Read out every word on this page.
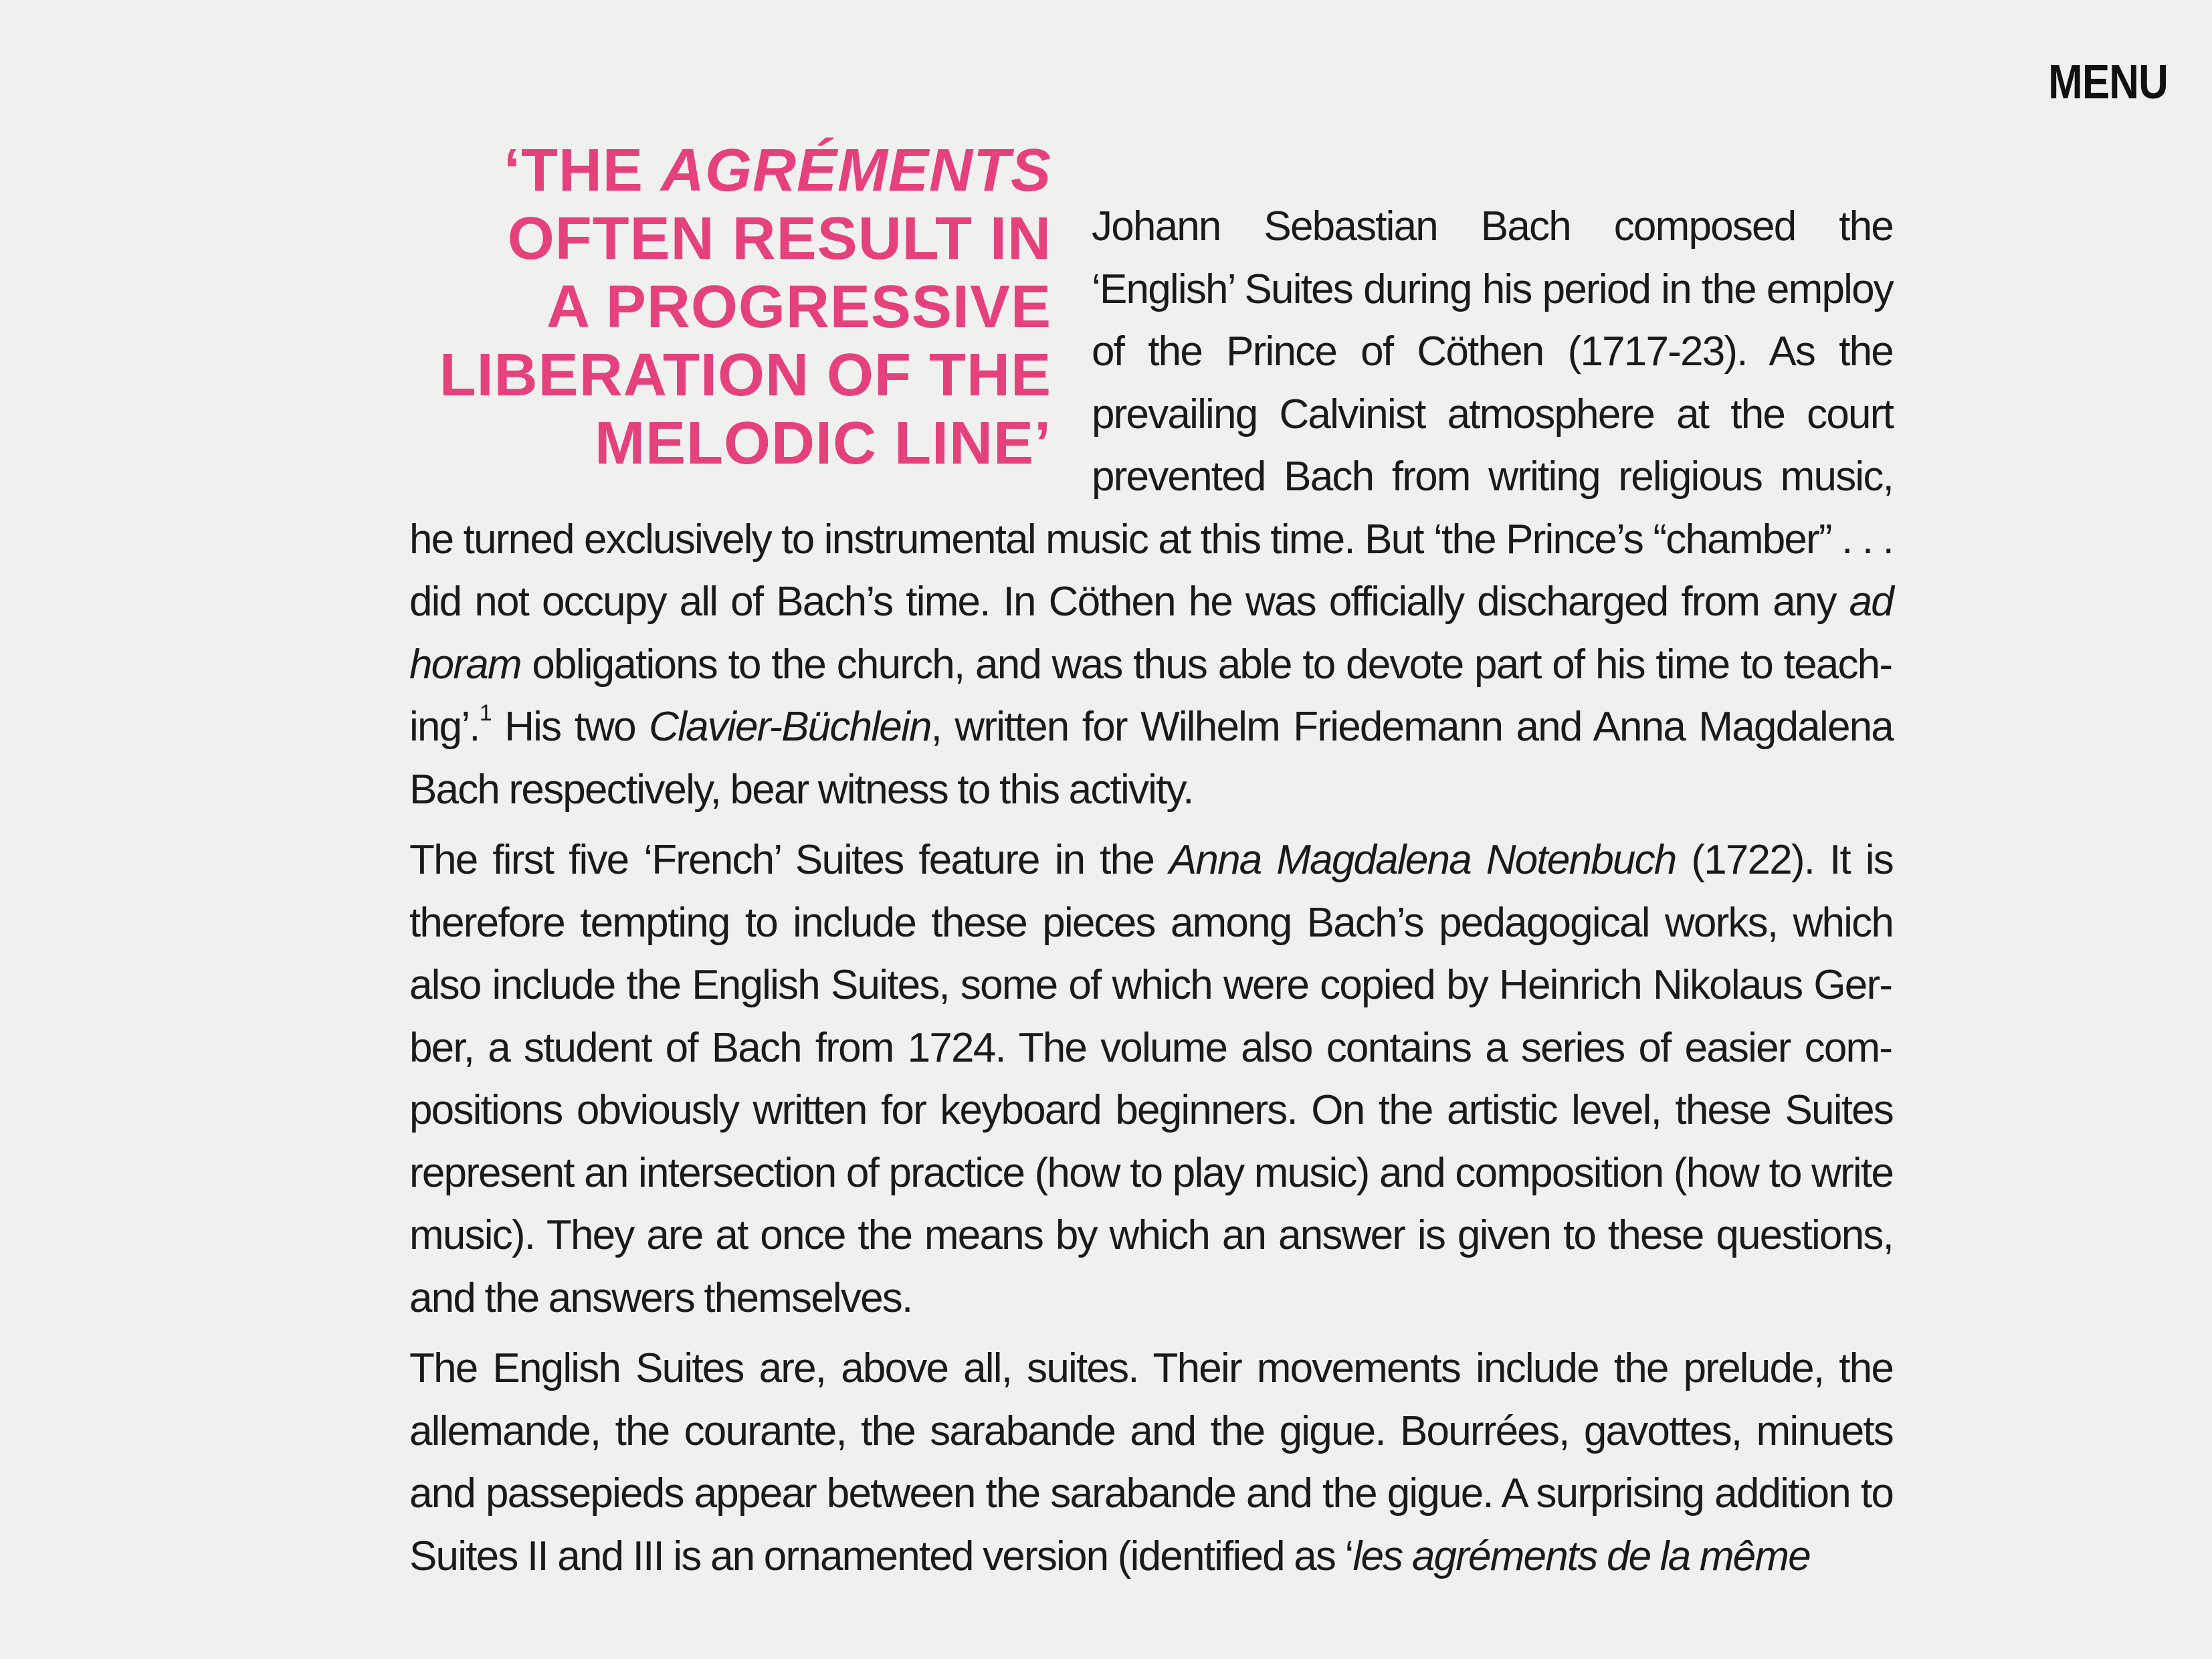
MENU
‘THE AGRÉMENTS
OFTEN RESULT IN
A PROGRESSIVE
LIBERATION OF THE
MELODIC LINE’

Johann Sebastian Bach composed the ‘English’ Suites during his period in the employ of the Prince of Cöthen (1717-23). As the prevailing Calvinist atmosphere at the court prevented Bach from writing religious music, he turned exclusively to instrumental music at this time. But ‘the Prince’s “chamber” . . . did not occupy all of Bach’s time. In Cöthen he was officially discharged from any ad horam obligations to the church, and was thus able to devote part of his time to teaching’.$^1$ His two Clavier-Büchlein, written for Wilhelm Friedemann and Anna Magdalena Bach respectively, bear witness to this activity.

The first five ‘French’ Suites feature in the Anna Magdalena Notenbuch (1722). It is therefore tempting to include these pieces among Bach’s pedagogical works, which also include the English Suites, some of which were copied by Heinrich Nikolaus Gerber, a student of Bach from 1724. The volume also contains a series of easier compositions obviously written for keyboard beginners. On the artistic level, these Suites represent an intersection of practice (how to play music) and composition (how to write music). They are at once the means by which an answer is given to these questions, and the answers themselves.

The English Suites are, above all, suites. Their movements include the prelude, the allemande, the courante, the sarabande and the gigue. Bourrées, gavottes, minuets and passepieds appear between the sarabande and the gigue. A surprising addition to Suites II and III is an ornamented version (identified as ‘les agréments de la même
